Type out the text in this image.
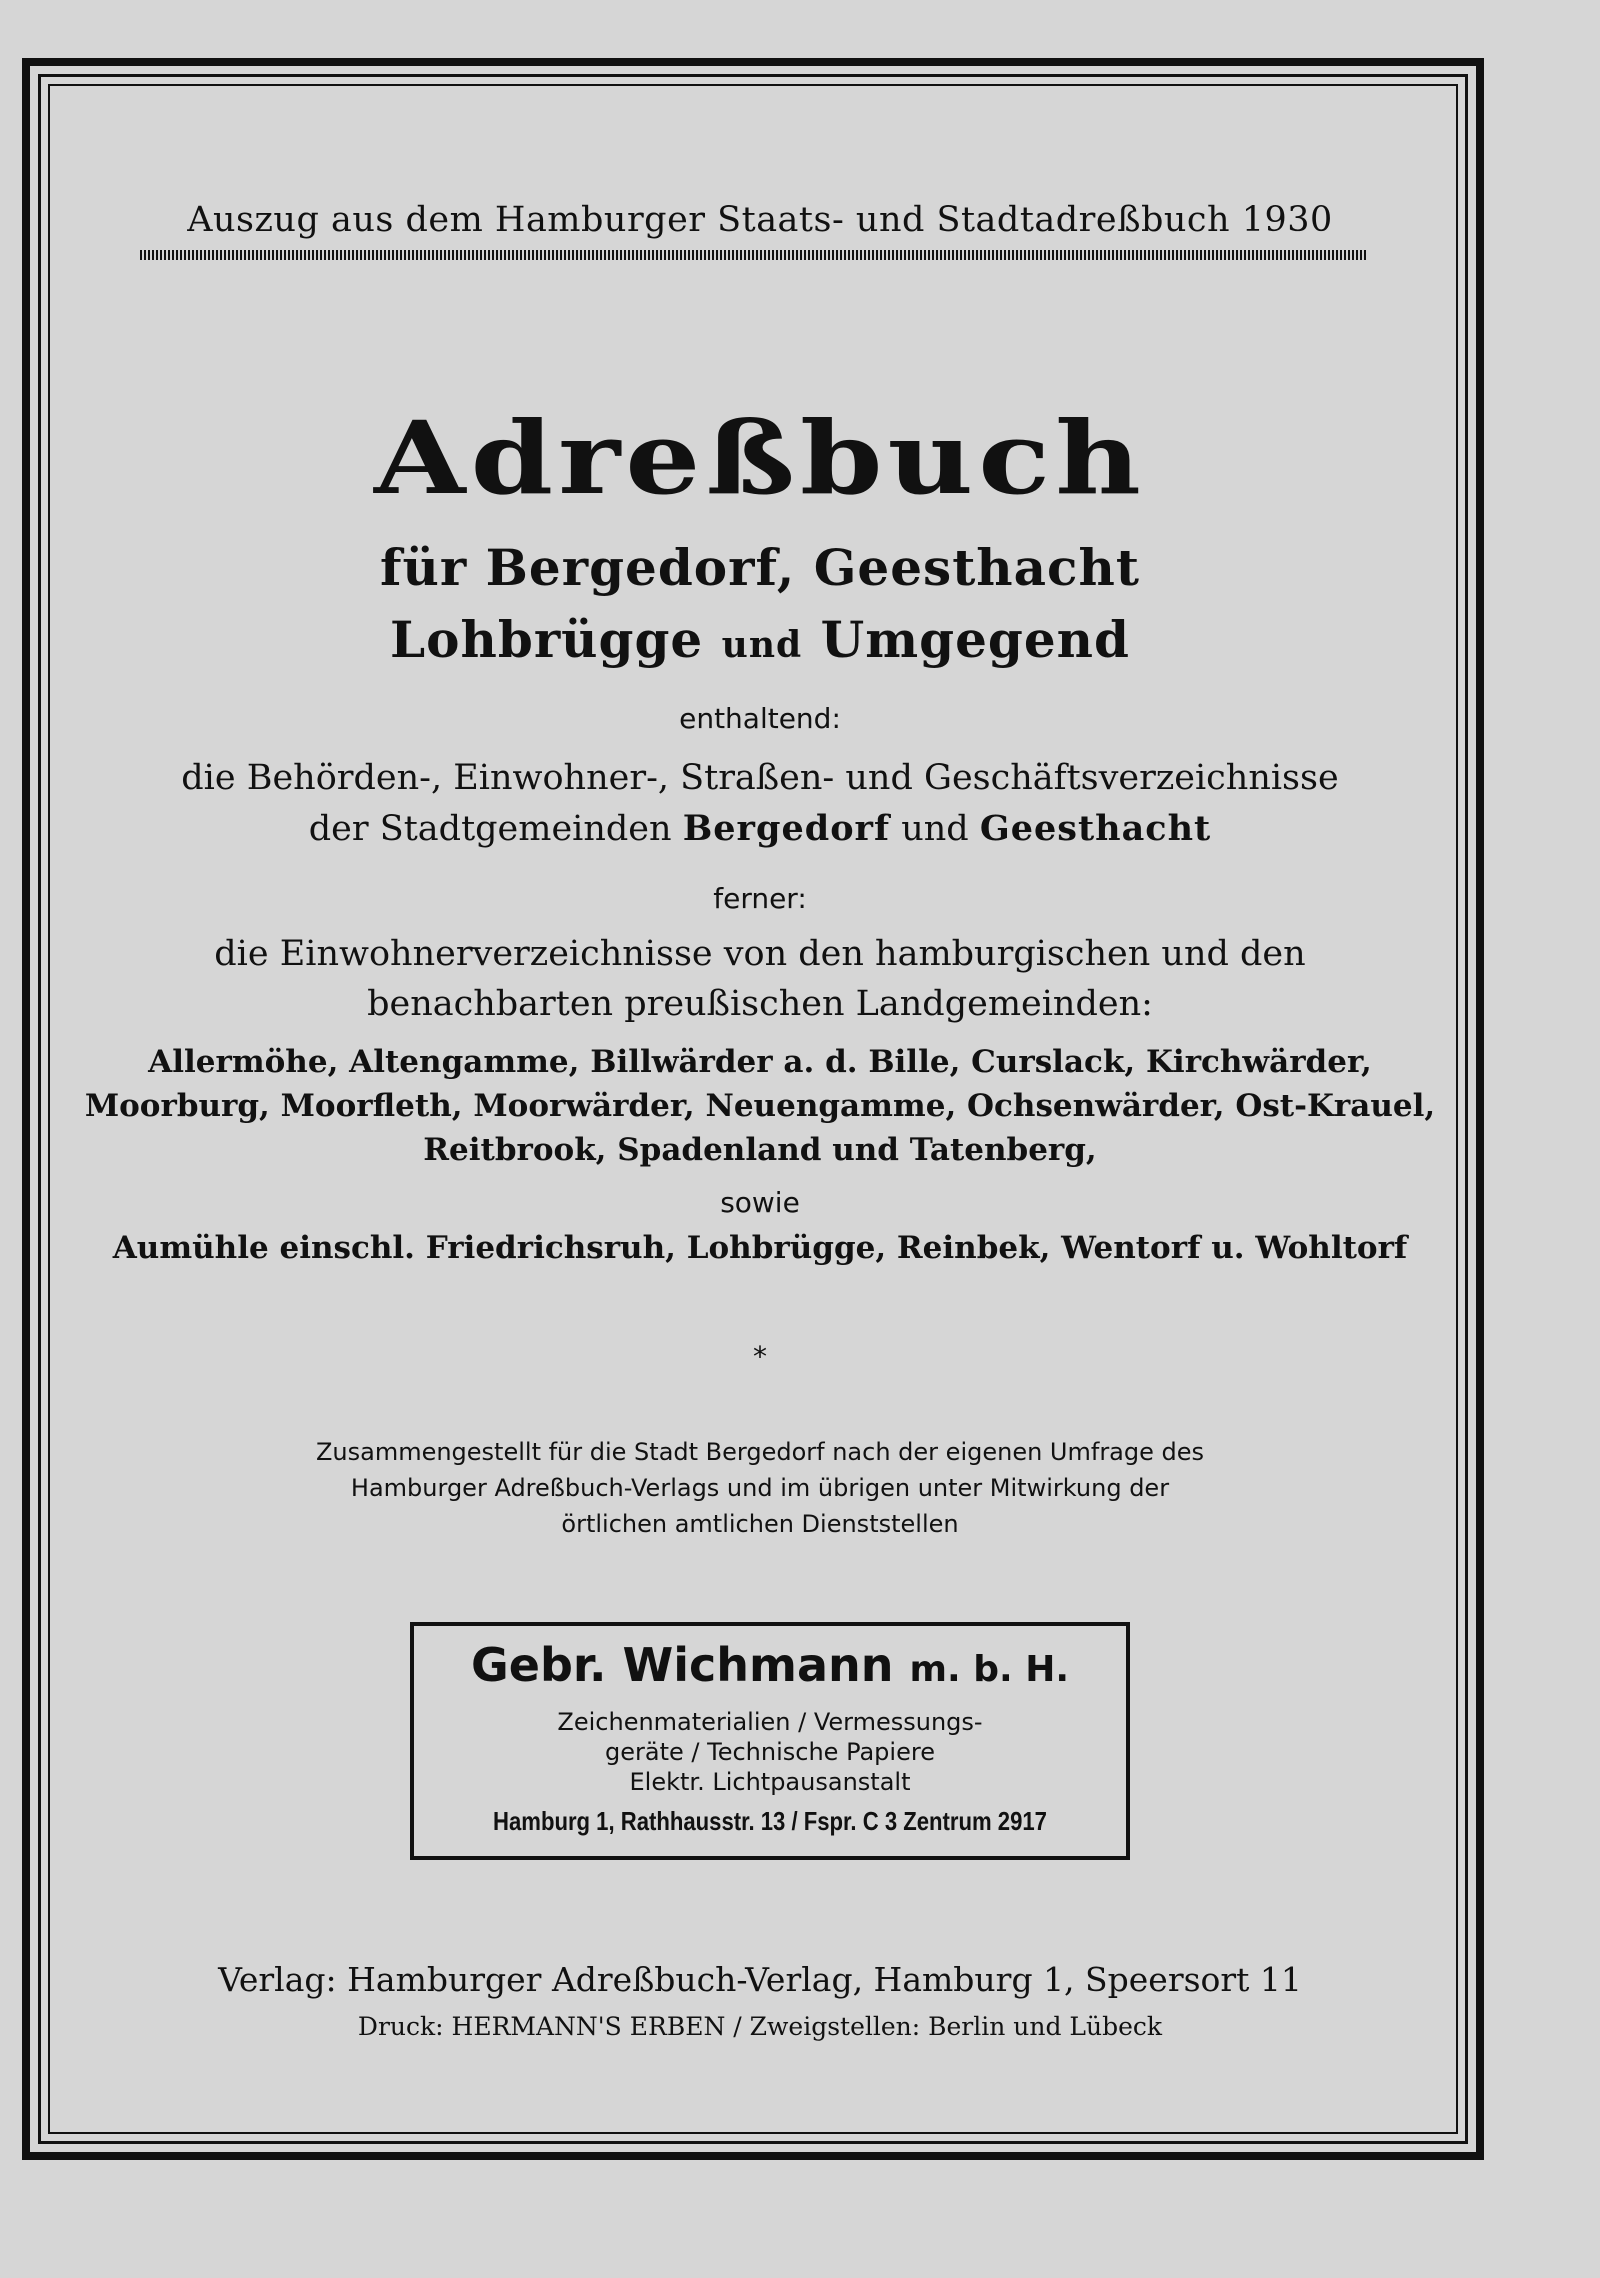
Auszug aus dem Hamburger Staats- und Stadtadreßbuch 1930
Adreßbuch
für Bergedorf, Geesthacht
Lohbrügge und Umgegend
enthaltend:
die Behörden-, Einwohner-, Straßen- und Geschäftsverzeichnisse
der Stadtgemeinden Bergedorf und Geesthacht
ferner:
die Einwohnerverzeichnisse von den hamburgischen und den
benachbarten preußischen Landgemeinden:
Allermöhe, Altengamme, Billwärder a. d. Bille, Curslack, Kirchwärder,
Moorburg, Moorfleth, Moorwärder, Neuengamme, Ochsenwärder, Ost-Krauel,
Reitbrook, Spadenland und Tatenberg,
sowie
Aumühle einschl. Friedrichsruh, Lohbrügge, Reinbek, Wentorf u. Wohltorf
*
Zusammengestellt für die Stadt Bergedorf nach der eigenen Umfrage des
Hamburger Adreßbuch-Verlags und im übrigen unter Mitwirkung der
örtlichen amtlichen Dienststellen
Gebr. Wichmann m. b. H.
Zeichenmaterialien / Vermessungs-
geräte / Technische Papiere
Elektr. Lichtpausanstalt
Hamburg 1, Rathhausstr. 13 / Fspr. C 3 Zentrum 2917
Verlag: Hamburger Adreßbuch-Verlag, Hamburg 1, Speersort 11
Druck: HERMANN'S ERBEN / Zweigstellen: Berlin und Lübeck
